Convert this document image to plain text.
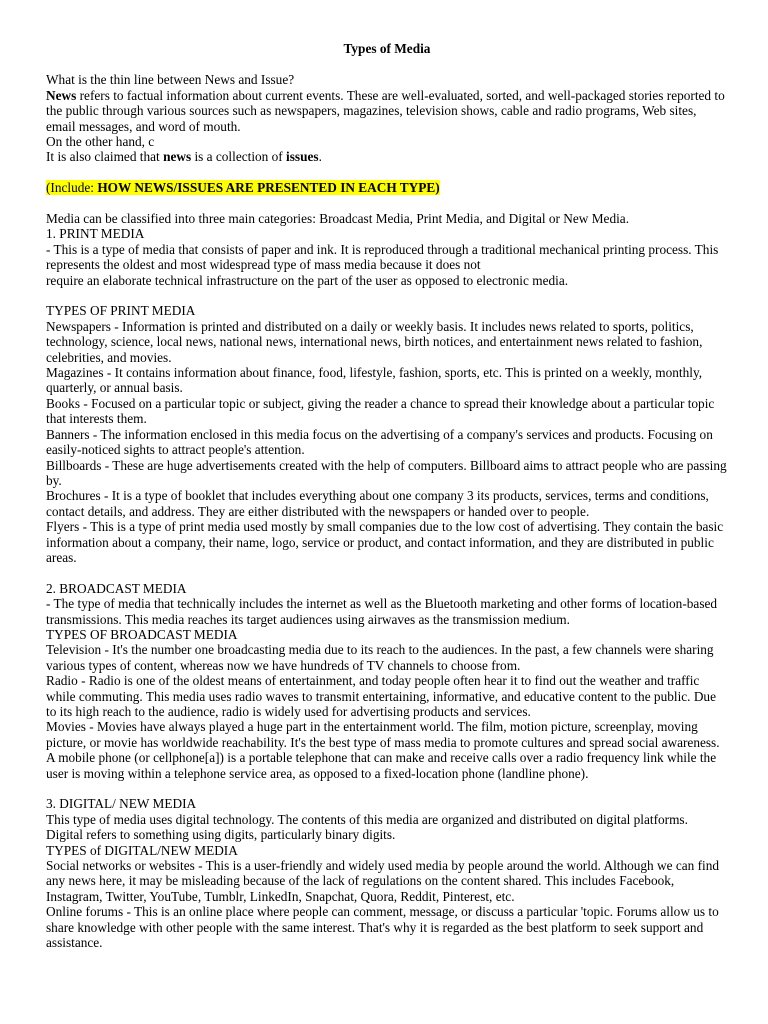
Types of Media

What is the thin line between News and Issue?

News refers to factual information about current events. These are well-evaluated, sorted, and well-packaged stories reported to the public through various sources such as newspapers, magazines, television shows, cable and radio programs, Web sites, email messages, and word of mouth.

On the other hand, c

It is also claimed that news is a collection of issues.

(Include: HOW NEWS/ISSUES ARE PRESENTED IN EACH TYPE)

Media can be classified into three main categories: Broadcast Media, Print Media, and Digital or New Media.

1. PRINT MEDIA

- This is a type of media that consists of paper and ink. It is reproduced through a traditional mechanical printing process. This represents the oldest and most widespread type of mass media because it does not

require an elaborate technical infrastructure on the part of the user as opposed to electronic media.

TYPES OF PRINT MEDIA

Newspapers - Information is printed and distributed on a daily or weekly basis. It includes news related to sports, politics, technology, science, local news, national news, international news, birth notices, and entertainment news related to fashion, celebrities, and movies.

Magazines - It contains information about finance, food, lifestyle, fashion, sports, etc. This is printed on a weekly, monthly, quarterly, or annual basis.

Books - Focused on a particular topic or subject, giving the reader a chance to spread their knowledge about a particular topic that interests them.

Banners - The information enclosed in this media focus on the advertising of a company's services and products. Focusing on easily-noticed sights to attract people's attention.

Billboards - These are huge advertisements created with the help of computers. Billboard aims to attract people who are passing by.

Brochures - It is a type of booklet that includes everything about one company 3 its products, services, terms and conditions, contact details, and address. They are either distributed with the newspapers or handed over to people.

Flyers - This is a type of print media used mostly by small companies due to the low cost of advertising. They contain the basic information about a company, their name, logo, service or product, and contact information, and they are distributed in public areas.

2. BROADCAST MEDIA

- The type of media that technically includes the internet as well as the Bluetooth marketing and other forms of location-based transmissions. This media reaches its target audiences using airwaves as the transmission medium.

TYPES OF BROADCAST MEDIA

Television - It's the number one broadcasting media due to its reach to the audiences. In the past, a few channels were sharing various types of content, whereas now we have hundreds of TV channels to choose from.

Radio - Radio is one of the oldest means of entertainment, and today people often hear it to find out the weather and traffic while commuting. This media uses radio waves to transmit entertaining, informative, and educative content to the public. Due to its high reach to the audience, radio is widely used for advertising products and services.

Movies - Movies have always played a huge part in the entertainment world. The film, motion picture, screenplay, moving picture, or movie has worldwide reachability. It's the best type of mass media to promote cultures and spread social awareness.

A mobile phone (or cellphone[a]) is a portable telephone that can make and receive calls over a radio frequency link while the user is moving within a telephone service area, as opposed to a fixed-location phone (landline phone).

3. DIGITAL/ NEW MEDIA

This type of media uses digital technology. The contents of this media are organized and distributed on digital platforms. Digital refers to something using digits, particularly binary digits.

TYPES of DIGITAL/NEW MEDIA

Social networks or websites - This is a user-friendly and widely used media by people around the world. Although we can find any news here, it may be misleading because of the lack of regulations on the content shared. This includes Facebook, Instagram, Twitter, YouTube, Tumblr, LinkedIn, Snapchat, Quora, Reddit, Pinterest, etc.

Online forums - This is an online place where people can comment, message, or discuss a particular 'topic. Forums allow us to share knowledge with other people with the same interest. That's why it is regarded as the best platform to seek support and assistance.
